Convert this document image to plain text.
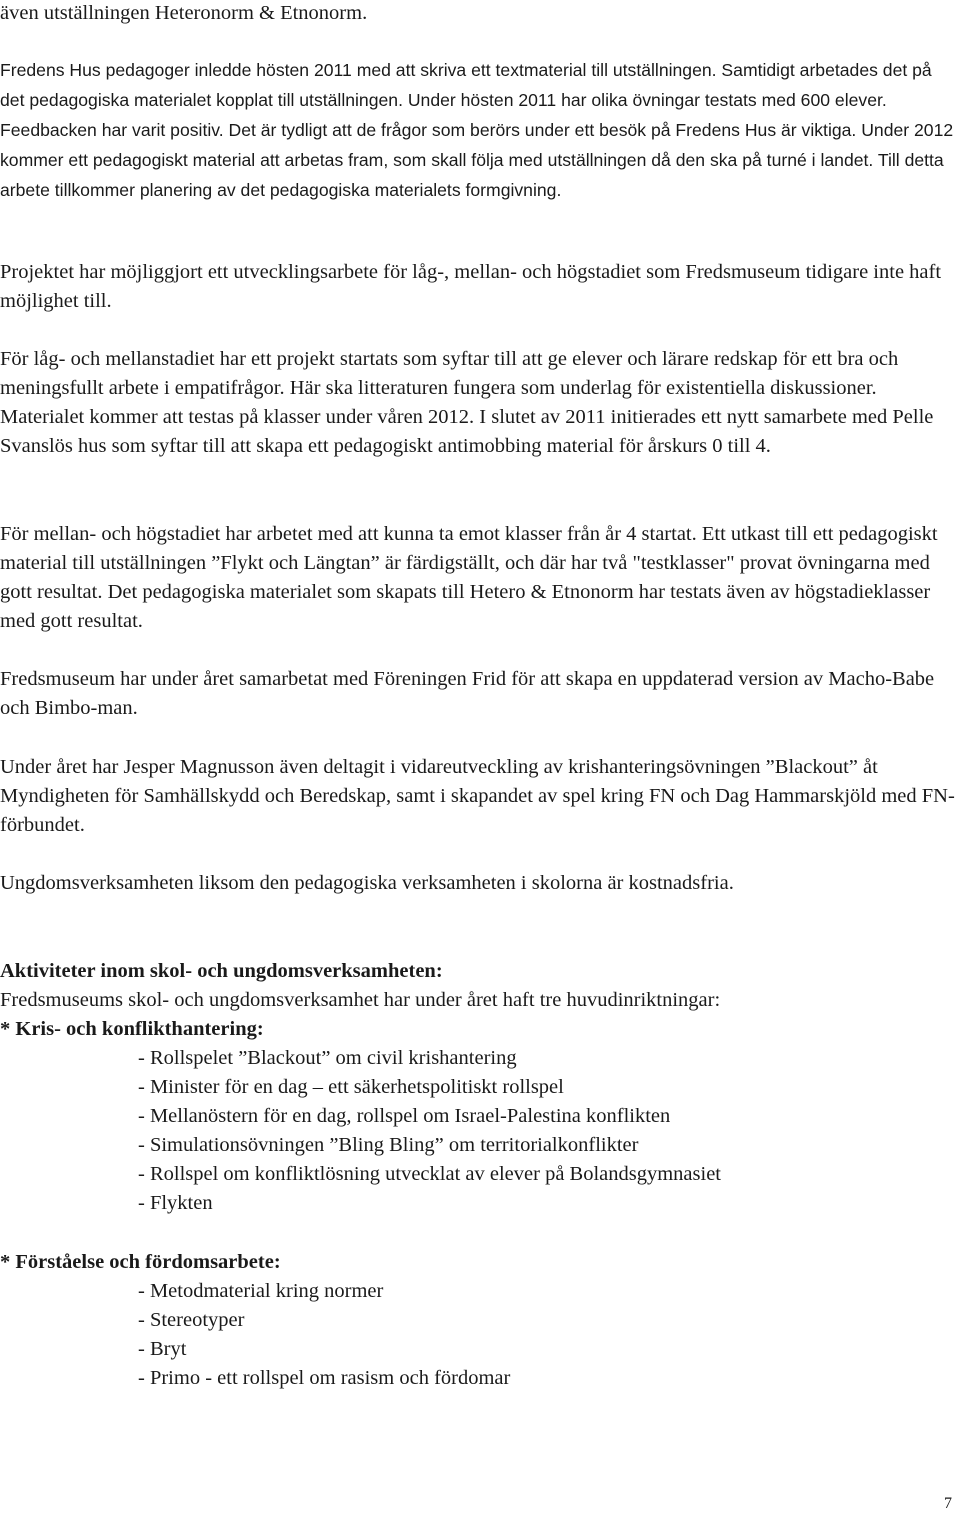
även utställningen Heteronorm & Etnonorm.

Fredens Hus pedagoger inledde hösten 2011 med att skriva ett textmaterial till utställningen. Samtidigt arbetades det på det pedagogiska materialet kopplat till utställningen. Under hösten 2011 har olika övningar testats med 600 elever. Feedbacken har varit positiv. Det är tydligt att de frågor som berörs under ett besök på Fredens Hus är viktiga. Under 2012 kommer ett pedagogiskt material att arbetas fram, som skall följa med utställningen då den ska på turné i landet. Till detta arbete tillkommer planering av det pedagogiska materialets formgivning.

Projektet har möjliggjort ett utvecklingsarbete för låg-, mellan- och högstadiet som Fredsmuseum tidigare inte haft möjlighet till.

För låg- och mellanstadiet har ett projekt startats som syftar till att ge elever och lärare redskap för ett bra och meningsfullt arbete i empatifrågor. Här ska litteraturen fungera som underlag för existentiella diskussioner. Materialet kommer att testas på klasser under våren 2012. I slutet av 2011 initierades ett nytt samarbete med Pelle Svanslös hus som syftar till att skapa ett pedagogiskt antimobbing material för årskurs 0 till 4.

För mellan- och högstadiet har arbetet med att kunna ta emot klasser från år 4 startat. Ett utkast till ett pedagogiskt material till utställningen ”Flykt och Längtan” är färdigställt, och där har två "testklasser" provat övningarna med gott resultat. Det pedagogiska materialet som skapats till Hetero & Etnonorm har testats även av högstadieklasser med gott resultat.

Fredsmuseum har under året samarbetat med Föreningen Frid för att skapa en uppdaterad version av Macho-Babe och Bimbo-man.

Under året har Jesper Magnusson även deltagit i vidareutveckling av krishanteringsövningen ”Blackout” åt Myndigheten för Samhällskydd och Beredskap, samt i skapandet av spel kring FN och Dag Hammarskjöld med FN-förbundet.

Ungdomsverksamheten liksom den pedagogiska verksamheten i skolorna är kostnadsfria.

Aktiviteter inom skol- och ungdomsverksamheten:
Fredsmuseums skol- och ungdomsverksamhet har under året haft tre huvudinriktningar:
* Kris- och konflikthantering:
- Rollspelet ”Blackout” om civil krishantering
- Minister för en dag – ett säkerhetspolitiskt rollspel
- Mellanöstern för en dag, rollspel om Israel-Palestina konflikten
- Simulationsövningen ”Bling Bling” om territorialkonflikter
- Rollspel om konfliktlösning utvecklat av elever på Bolandsgymnasiet
- Flykten
* Förståelse och fördomsarbete:
- Metodmaterial kring normer
- Stereotyper
- Bryt
- Primo - ett rollspel om rasism och fördomar
7
